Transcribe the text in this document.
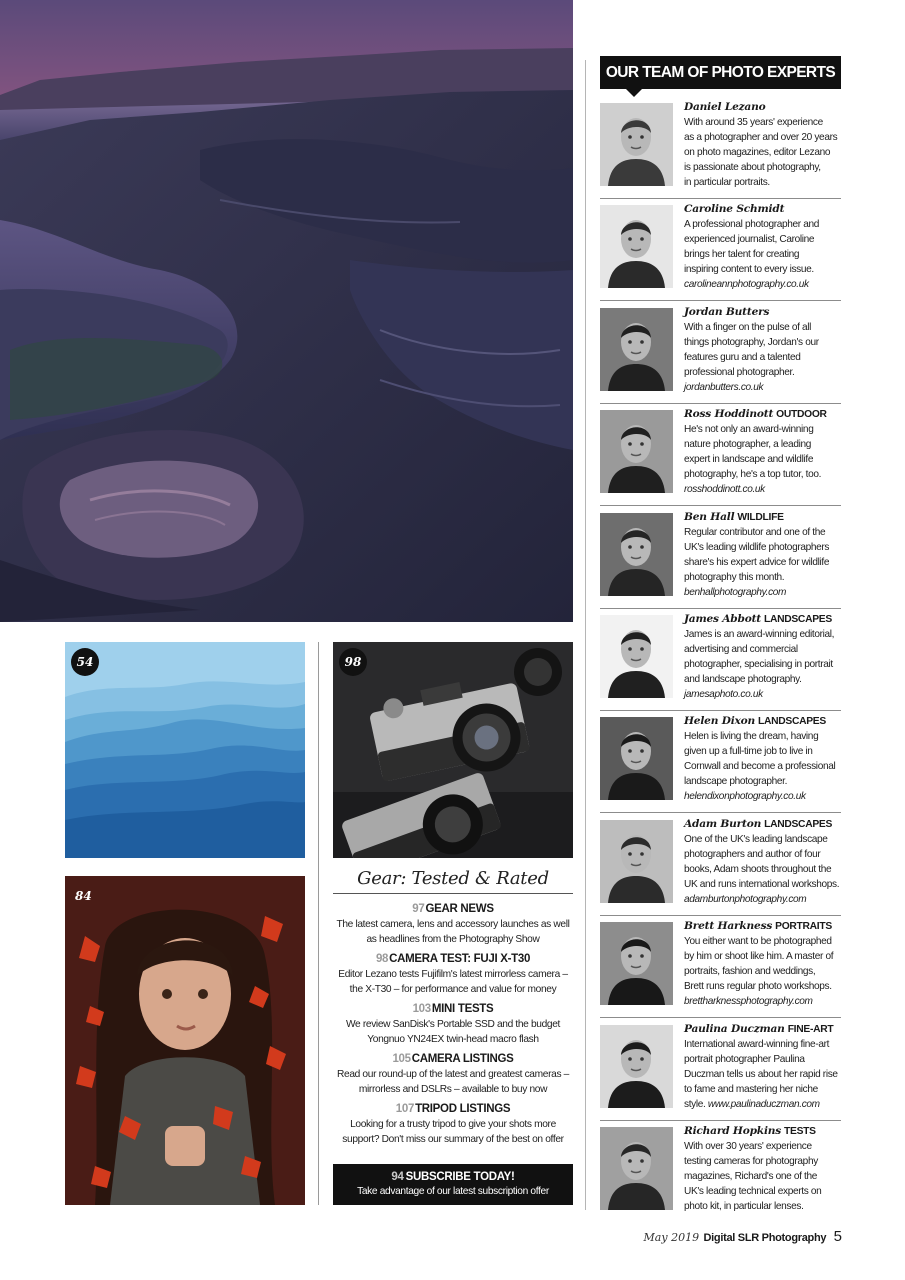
54	98
84
Gear: Tested & Rated
97GEAR NEWS
The latest camera, lens and accessory launches as well as headlines from the Photography Show
98CAMERA TEST: FUJI X-T30
Editor Lezano tests Fujifilm's latest mirrorless camera – the X-T30 – for performance and value for money
103MINI TESTS
We review SanDisk's Portable SSD and the budget Yongnuo YN24EX twin-head macro flash
105CAMERA LISTINGS
Read our round-up of the latest and greatest cameras – mirrorless and DSLRs – available to buy now
107TRIPOD LISTINGS
Looking for a trusty tripod to give your shots more support? Don't miss our summary of the best on offer
94 SUBSCRIBE TODAY!
Take advantage of our latest subscription offer
OUR TEAM OF PHOTO EXPERTS
Daniel Lezano
With around 35 years' experience
as a photographer and over 20 years
on photo magazines, editor Lezano
is passionate about photography,
in particular portraits.
Caroline Schmidt
A professional photographer and
experienced journalist, Caroline
brings her talent for creating
inspiring content to every issue.
carolineannphotography.co.uk
Jordan Butters
With a finger on the pulse of all
things photography, Jordan's our
features guru and a talented
professional photographer.
jordanbutters.co.uk
Ross Hoddinott OUTDOOR
He's not only an award-winning
nature photographer, a leading
expert in landscape and wildlife
photography, he's a top tutor, too.
rosshoddinott.co.uk
Ben Hall WILDLIFE
Regular contributor and one of the
UK's leading wildlife photographers
share's his expert advice for wildlife
photography this month.
benhallphotography.com
James Abbott LANDSCAPES
James is an award-winning editorial,
advertising and commercial
photographer, specialising in portrait
and landscape photography.
jamesaphoto.co.uk
Helen Dixon LANDSCAPES
Helen is living the dream, having
given up a full-time job to live in
Cornwall and become a professional
landscape photographer.
helendixonphotography.co.uk
Adam Burton LANDSCAPES
One of the UK's leading landscape
photographers and author of four
books, Adam shoots throughout the
UK and runs international workshops.
adamburtonphotography.com
Brett Harkness PORTRAITS
You either want to be photographed
by him or shoot like him. A master of
portraits, fashion and weddings,
Brett runs regular photo workshops.
brettharknessphotography.com
Paulina Duczman FINE-ART
International award-winning fine-art
portrait photographer Paulina
Duczman tells us about her rapid rise
to fame and mastering her niche
style. www.paulinaduczman.com
Richard Hopkins TESTS
With over 30 years' experience
testing cameras for photography
magazines, Richard's one of the
UK's leading technical experts on
photo kit, in particular lenses.
May 2019 Digital SLR Photography 5
